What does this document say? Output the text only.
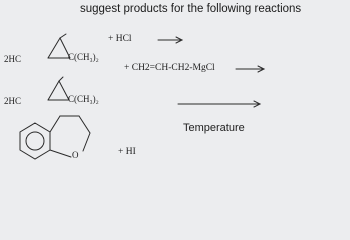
suggest products for the following reactions
2HC	C(CH₃)₂
+ HCl
2HC	C(CH₃)₂
+ CH2=CH-CH2-MgCl
Temperature
O	+ HI
